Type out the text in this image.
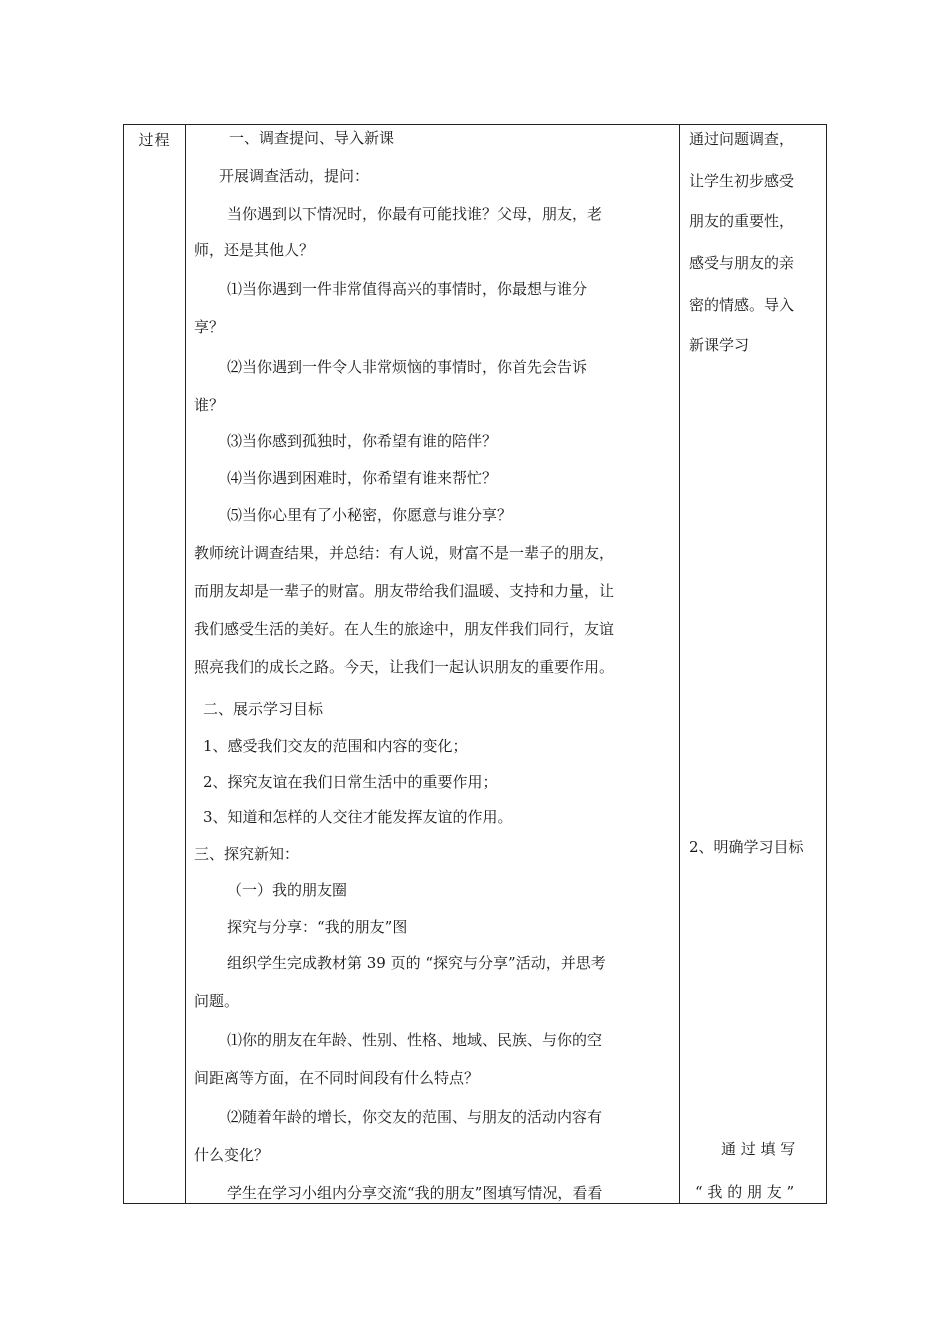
过程	一、调查提问、导入新课
开展调查活动，提问：
当你遇到以下情况时，你最有可能找谁？父母，朋友，老
师，还是其他人？
⑴当你遇到一件非常值得高兴的事情时，你最想与谁分
享？
⑵当你遇到一件令人非常烦恼的事情时，你首先会告诉
谁？
⑶当你感到孤独时，你希望有谁的陪伴？
⑷当你遇到困难时，你希望有谁来帮忙？
⑸当你心里有了小秘密，你愿意与谁分享？
教师统计调查结果，并总结：有人说，财富不是一辈子的朋友，
而朋友却是一辈子的财富。朋友带给我们温暖、支持和力量，让
我们感受生活的美好。在人生的旅途中，朋友伴我们同行，友谊
照亮我们的成长之路。今天，让我们一起认识朋友的重要作用。
二、展示学习目标
1、感受我们交友的范围和内容的变化；
2、探究友谊在我们日常生活中的重要作用；
3、知道和怎样的人交往才能发挥友谊的作用。
三、探究新知：
（一）我的朋友圈
探究与分享：“我的朋友”图
组织学生完成教材第 39 页的 “探究与分享”活动，并思考
问题。
⑴你的朋友在年龄、性别、性格、地域、民族、与你的空
间距离等方面，在不同时间段有什么特点？
⑵随着年龄的增长，你交友的范围、与朋友的活动内容有
什么变化？
学生在学习小组内分享交流“我的朋友”图填写情况，看看
通过问题调查，
让学生初步感受
朋友的重要性，
感受与朋友的亲
密的情感。导入
新课学习
2、明确学习目标
通 过 填 写
“ 我 的 朋 友 ”
